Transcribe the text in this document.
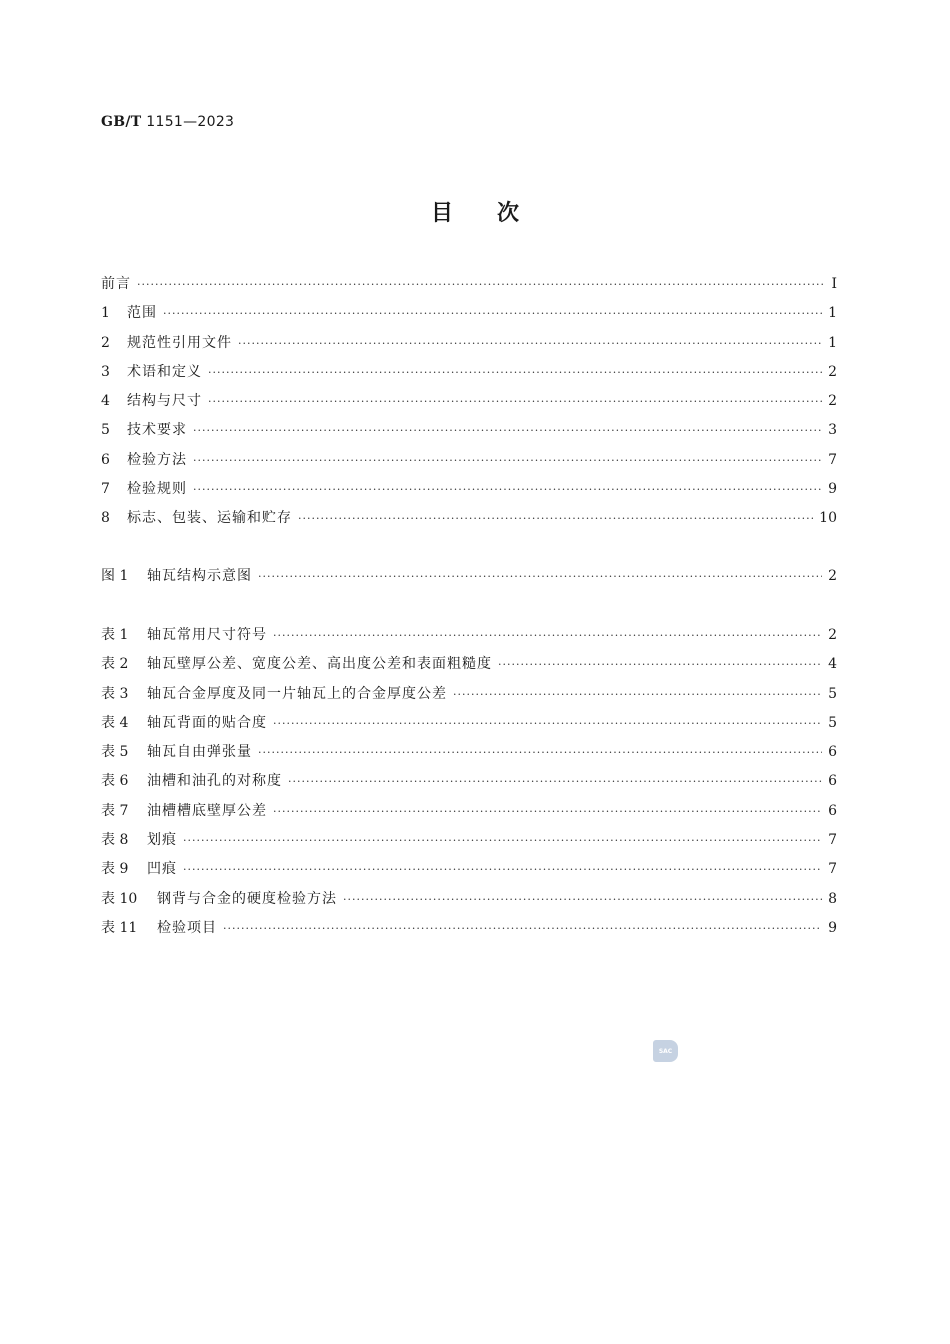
GB/T 1151—2023
目次
前言 ·····	Ⅰ
1	范围 ·····	1
2	规范性引用文件 ·····	1
3	术语和定义 ·····	2
4	结构与尺寸 ·····	2
5	技术要求 ·····	3
6	检验方法 ·····	7
7	检验规则 ·····	9
8	标志、包装、运输和贮存 ·····	10
图 1	轴瓦结构示意图 ·····	2
表 1	轴瓦常用尺寸符号 ·····	2
表 2	轴瓦壁厚公差、宽度公差、高出度公差和表面粗糙度 ·····	4
表 3	轴瓦合金厚度及同一片轴瓦上的合金厚度公差 ·····	5
表 4	轴瓦背面的贴合度 ·····	5
表 5	轴瓦自由弹张量 ·····	6
表 6	油槽和油孔的对称度 ·····	6
表 7	油槽槽底壁厚公差 ·····	6
表 8	划痕 ·····	7
表 9	凹痕 ·····	7
表 10	钢背与合金的硬度检验方法 ·····	8
表 11	检验项目 ·····	9
SAC
